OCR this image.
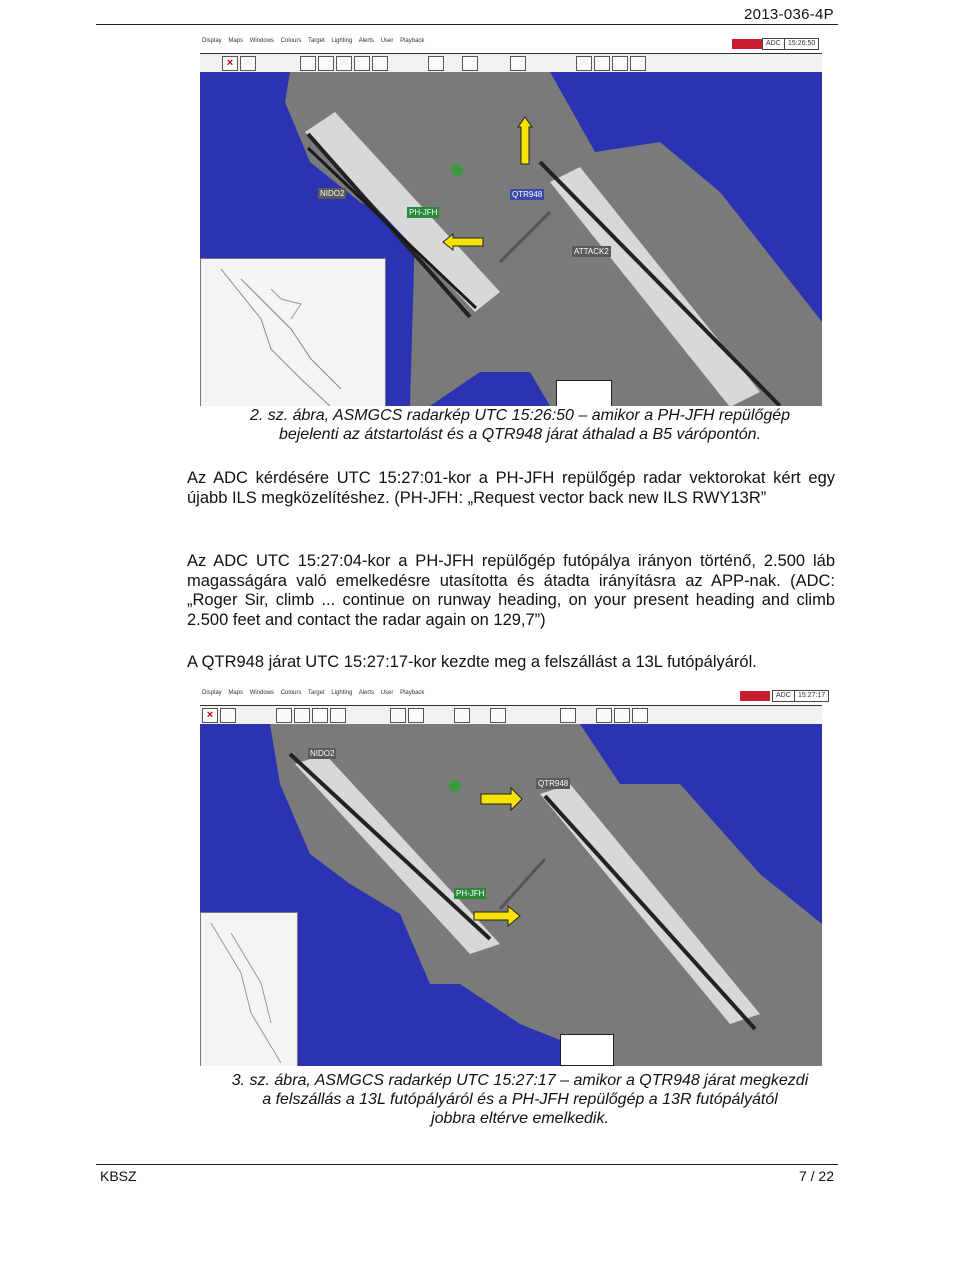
2013-036-4P
Display Maps Windows Colours Target Lighting Alerts User Playback	ADC	15:26:50
×
NIDO2
PH-JFH
QTR948
ATTACK2
2. sz. ábra, ASMGCS radarkép UTC 15:26:50 – amikor a PH-JFH repülőgép
bejelenti az átstartolást és a QTR948 járat áthalad a B5 várópontón.
Az ADC kérdésére UTC 15:27:01-kor a PH-JFH repülőgép radar vektorokat kért egy újabb ILS megközelítéshez. (PH-JFH: „Request vector back new ILS RWY13R”
Az ADC UTC 15:27:04-kor a PH-JFH repülőgép futópálya irányon történő, 2.500 láb magasságára való emelkedésre utasította és átadta irányításra az APP-nak. (ADC: „Roger Sir, climb ... continue on runway heading, on your present heading and climb 2.500 feet and contact the radar again on 129,7”)
A QTR948 járat UTC 15:27:17-kor kezdte meg a felszállást a 13L futópályáról.
Display Maps Windows Colours Target Lighting Alerts User Playback	ADC	15:27:17
×
NIDO2
QTR948
PH-JFH
3. sz. ábra, ASMGCS radarkép UTC 15:27:17 – amikor a QTR948 járat megkezdi
a felszállás a 13L futópályáról és a PH-JFH repülőgép a 13R futópályától
jobbra eltérve emelkedik.
KBSZ	7 / 22
